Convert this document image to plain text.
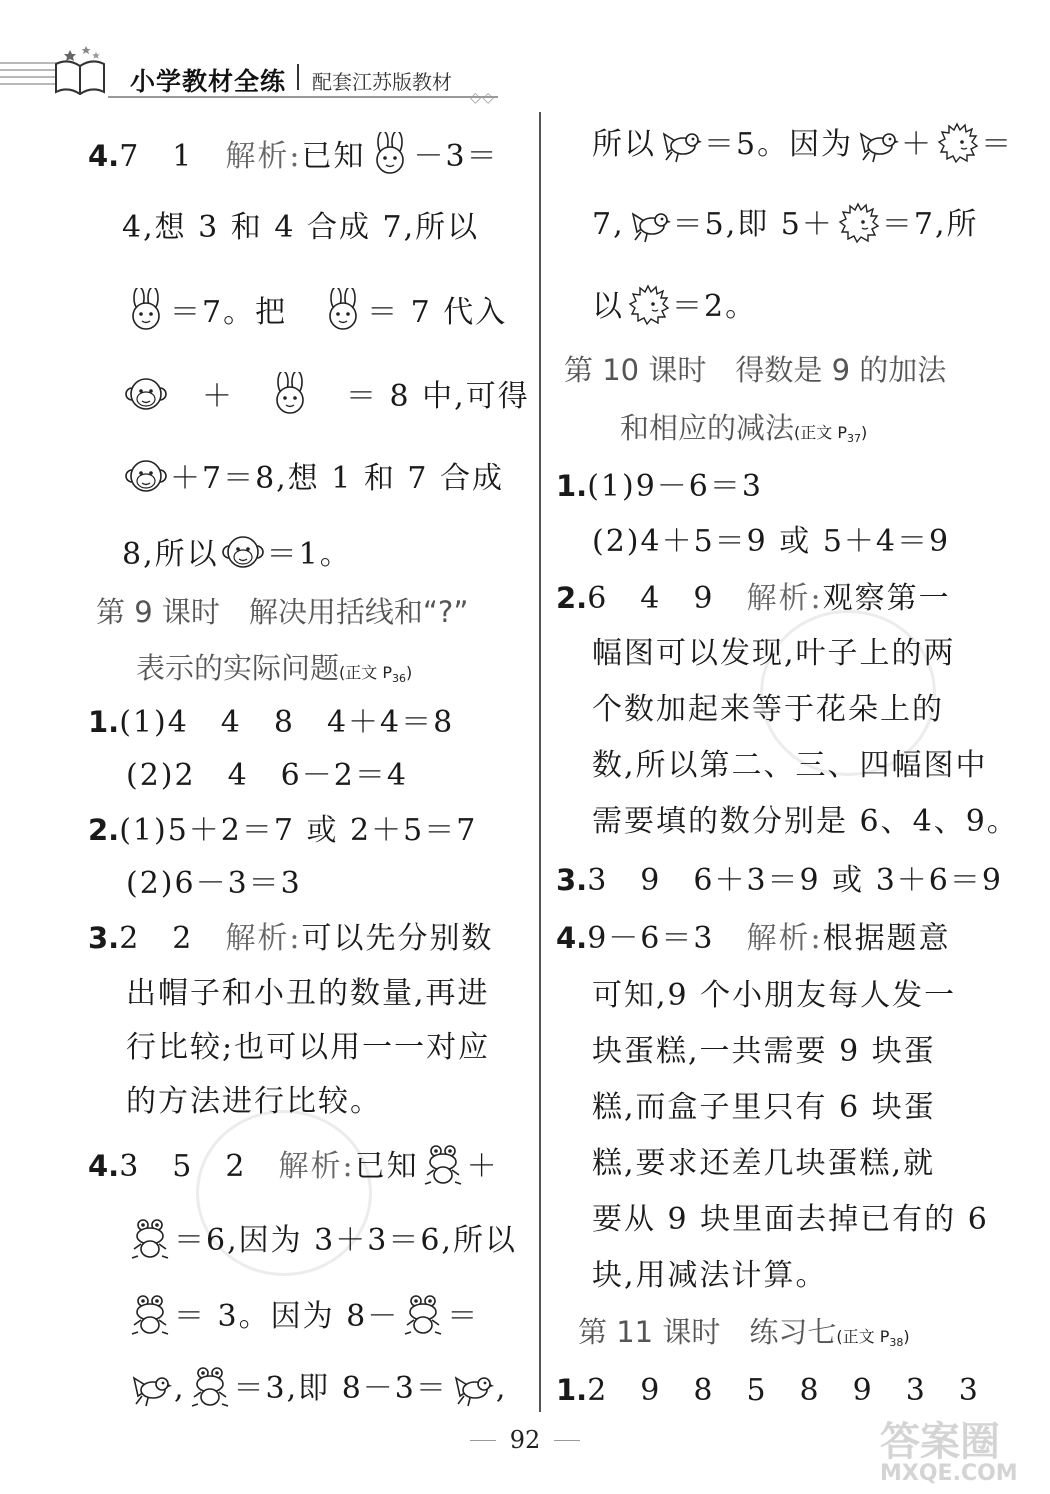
小学教材全练 配套江苏版教材
◇◇
4.7　1　 解析:已知 －3＝
4,想 3 和 4 合成 7,所以
＝7。把　	＝ 7 代入
　＋　　	＝ 8 中,可得
＋7＝8,想 1 和 7 合成
8,所以 ＝1。
第 9 课时　 解决用括线和“?”
表示的实际问题(正文 $P_{36}$)
1.(1)4　4　8　4＋4＝8
(2)2　4　6－2＝4
2.(1)5＋2＝7 或 2＋5＝7
(2)6－3＝3
3.2　2　 解析:可以先分别数
出帽子和小丑的数量,再进
行比较;也可以用一一对应
的方法进行比较。
4.3　5　2　 解析:已知 ＋
＝6,因为 3＋3＝6,所以
＝ 3。因为 8－ ＝
, ＝3,即 8－3＝ ,
所以 ＝5。因为 ＋ ＝
7, ＝5,即 5＋ ＝7,所
以 ＝2。
第 10 课时　 得数是 9 的加法
和相应的减法(正文 $P_{37}$)
1.(1)9－6＝3
(2)4＋5＝9 或 5＋4＝9
2.6　4　9　 解析:观察第一
幅图可以发现,叶子上的两
个数加起来等于花朵上的
数,所以第二、三、四幅图中
需要填的数分别是 6、4、9。
3.3　9　6＋3＝9 或 3＋6＝9
4.9－6＝3　 解析:根据题意
可知,9 个小朋友每人发一
块蛋糕,一共需要 9 块蛋
糕,而盒子里只有 6 块蛋
糕,要求还差几块蛋糕,就
要从 9 块里面去掉已有的 6
块,用减法计算。
第 11 课时　 练习七(正文 $P_{38}$)
1.2　9　8　5　8　9　3　3
92	答案圈
MXQE.COM
